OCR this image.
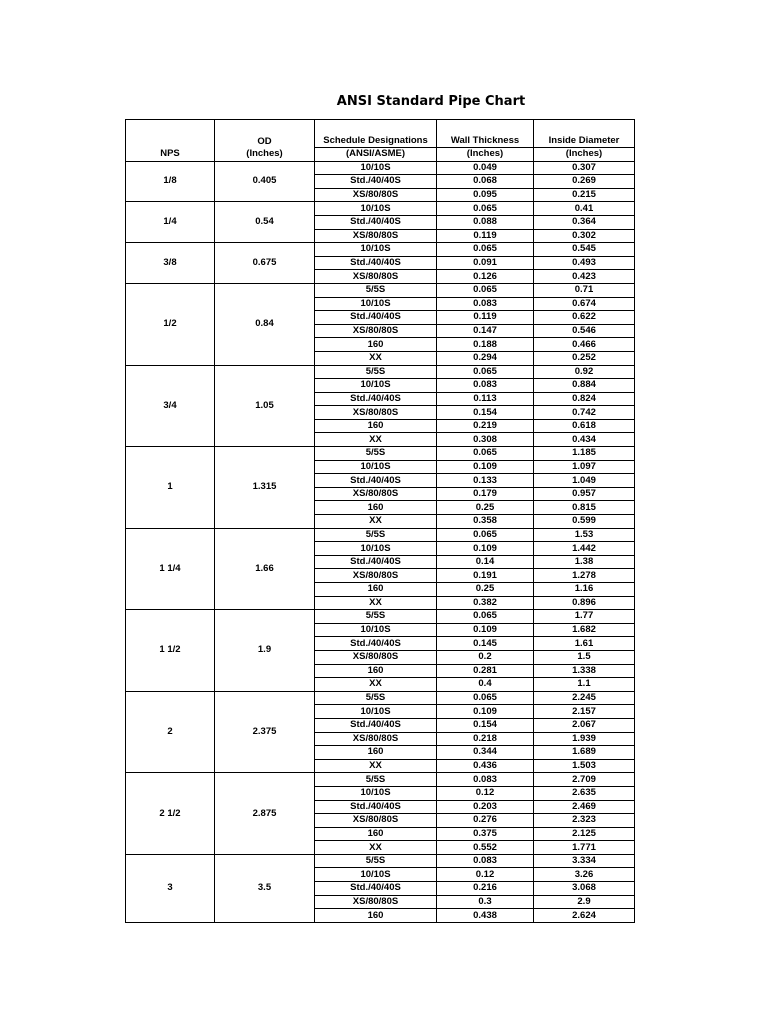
ANSI Standard Pipe Chart
	OD	Schedule Designations	Wall Thickness	Inside Diameter
NPS	(Inches)	(ANSI/ASME)	(Inches)	(Inches)
1/8	0.405	10/10S	0.049	0.307
		Std./40/40S	0.068	0.269
		XS/80/80S	0.095	0.215
1/4	0.54	10/10S	0.065	0.41
		Std./40/40S	0.088	0.364
		XS/80/80S	0.119	0.302
3/8	0.675	10/10S	0.065	0.545
		Std./40/40S	0.091	0.493
		XS/80/80S	0.126	0.423
1/2	0.84	5/5S	0.065	0.71
		10/10S	0.083	0.674
		Std./40/40S	0.119	0.622
		XS/80/80S	0.147	0.546
		160	0.188	0.466
		XX	0.294	0.252
3/4	1.05	5/5S	0.065	0.92
		10/10S	0.083	0.884
		Std./40/40S	0.113	0.824
		XS/80/80S	0.154	0.742
		160	0.219	0.618
		XX	0.308	0.434
1	1.315	5/5S	0.065	1.185
		10/10S	0.109	1.097
		Std./40/40S	0.133	1.049
		XS/80/80S	0.179	0.957
		160	0.25	0.815
		XX	0.358	0.599
1 1/4	1.66	5/5S	0.065	1.53
		10/10S	0.109	1.442
		Std./40/40S	0.14	1.38
		XS/80/80S	0.191	1.278
		160	0.25	1.16
		XX	0.382	0.896
1 1/2	1.9	5/5S	0.065	1.77
		10/10S	0.109	1.682
		Std./40/40S	0.145	1.61
		XS/80/80S	0.2	1.5
		160	0.281	1.338
		XX	0.4	1.1
2	2.375	5/5S	0.065	2.245
		10/10S	0.109	2.157
		Std./40/40S	0.154	2.067
		XS/80/80S	0.218	1.939
		160	0.344	1.689
		XX	0.436	1.503
2 1/2	2.875	5/5S	0.083	2.709
		10/10S	0.12	2.635
		Std./40/40S	0.203	2.469
		XS/80/80S	0.276	2.323
		160	0.375	2.125
		XX	0.552	1.771
3	3.5	5/5S	0.083	3.334
		10/10S	0.12	3.26
		Std./40/40S	0.216	3.068
		XS/80/80S	0.3	2.9
		160	0.438	2.624
